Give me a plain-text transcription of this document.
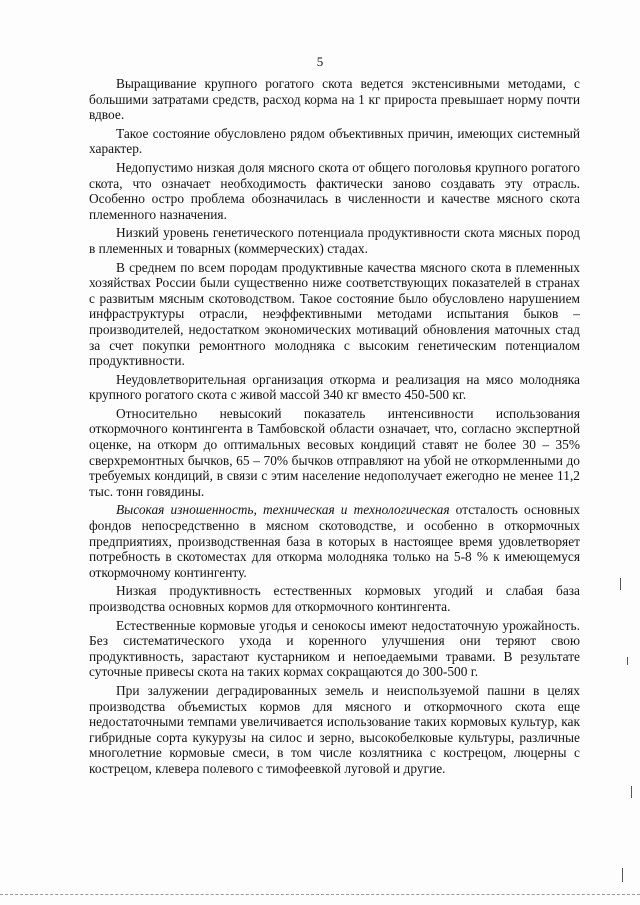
5

Выращивание крупного рогатого скота ведется экстенсивными методами, с большими затратами средств, расход корма на 1 кг прироста превышает норму почти вдвое.

Такое состояние обусловлено рядом объективных причин, имеющих системный характер.

Недопустимо низкая доля мясного скота от общего поголовья крупного рогатого скота, что означает необходимость фактически заново создавать эту отрасль. Особенно остро проблема обозначилась в численности и качестве мясного скота племенного назначения.

Низкий уровень генетического потенциала продуктивности скота мясных пород в племенных и товарных (коммерческих) стадах.

В среднем по всем породам продуктивные качества мясного скота в племенных хозяйствах России были существенно ниже соответствующих показателей в странах с развитым мясным скотоводством. Такое состояние было обусловлено нарушением инфраструктуры отрасли, неэффективными методами испытания быков – производителей, недостатком экономических мотиваций обновления маточных стад за счет покупки ремонтного молодняка с высоким генетическим потенциалом продуктивности.

Неудовлетворительная организация откорма и реализация на мясо молодняка крупного рогатого скота с живой массой 340 кг вместо 450-500 кг.

Относительно невысокий показатель интенсивности использования откормочного контингента в Тамбовской области означает, что, согласно экспертной оценке, на откорм до оптимальных весовых кондиций ставят не более 30 – 35% сверхремонтных бычков, 65 – 70% бычков отправляют на убой не откормленными до требуемых кондиций, в связи с этим население недополучает ежегодно не менее 11,2 тыс. тонн говядины.

Высокая изношенность, техническая и технологическая отсталость основных фондов непосредственно в мясном скотоводстве, и особенно в откормочных предприятиях, производственная база в которых в настоящее время удовлетворяет потребность в скотоместах для откорма молодняка только на 5-8 % к имеющемуся откормочному контингенту.

Низкая продуктивность естественных кормовых угодий и слабая база производства основных кормов для откормочного контингента.

Естественные кормовые угодья и сенокосы имеют недостаточную урожайность. Без систематического ухода и коренного улучшения они теряют свою продуктивность, зарастают кустарником и непоедаемыми травами. В результате суточные привесы скота на таких кормах сокращаются до 300-500 г.

При залужении деградированных земель и неиспользуемой пашни в целях производства объемистых кормов для мясного и откормочного скота еще недостаточными темпами увеличивается использование таких кормовых культур, как гибридные сорта кукурузы на силос и зерно, высокобелковые культуры, различные многолетние кормовые смеси, в том числе козлятника с кострецом, люцерны с кострецом, клевера полевого с тимофеевкой луговой и другие.
